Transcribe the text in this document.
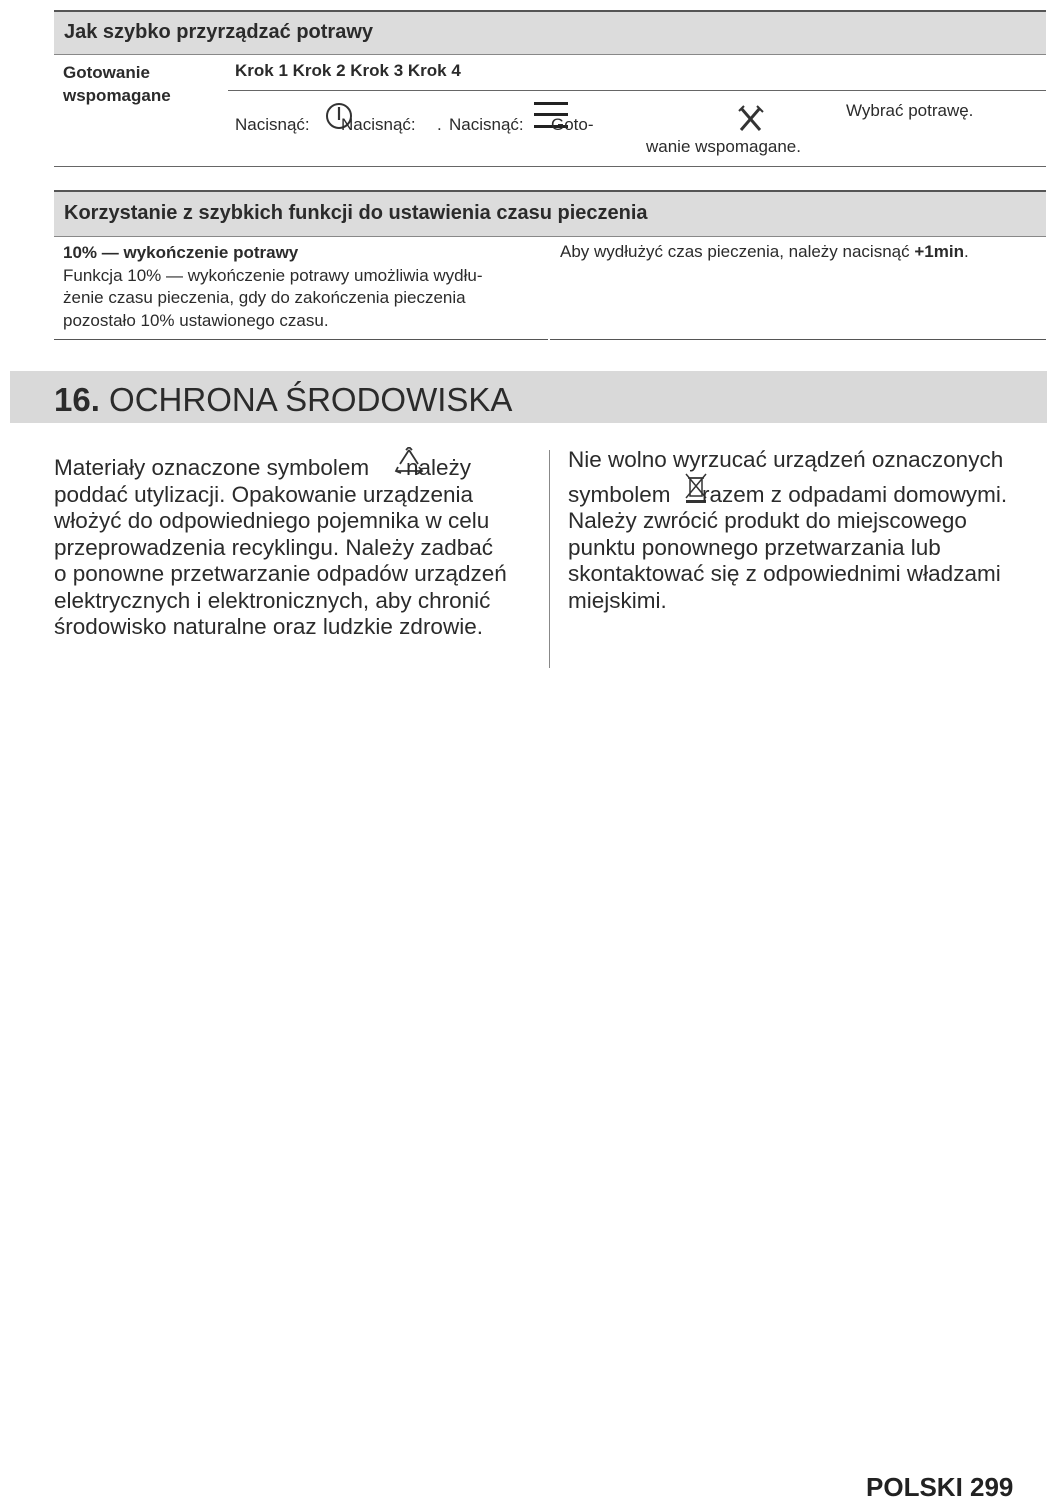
Jak szybko przyrządzać potrawy
Gotowanie wspomagane
Krok 1 Krok 2 Krok 3 Krok 4
Nacisnąć: Nacisnąć: . Nacisnąć: Goto-
wanie wspomagane.
Wybrać potrawę.
Korzystanie z szybkich funkcji do ustawienia czasu pieczenia
10% — wykończenie potrawy
Funkcja 10% — wykończenie potrawy umożliwia wydłu-
żenie czasu pieczenia, gdy do zakończenia pieczenia
pozostało 10% ustawionego czasu.
Aby wydłużyć czas pieczenia, należy nacisnąć +1min.
16. OCHRONA ŚRODOWISKA
Materiały oznaczone symbolem należy
poddać utylizacji. Opakowanie urządzenia
włożyć do odpowiedniego pojemnika w celu
przeprowadzenia recyklingu. Należy zadbać
o ponowne przetwarzanie odpadów urządzeń
elektrycznych i elektronicznych, aby chronić
środowisko naturalne oraz ludzkie zdrowie.
Nie wolno wyrzucać urządzeń oznaczonych
symbolem razem z odpadami domowymi.
Należy zwrócić produkt do miejscowego
punktu ponownego przetwarzania lub
skontaktować się z odpowiednimi władzami
miejskimi.
POLSKI 299
